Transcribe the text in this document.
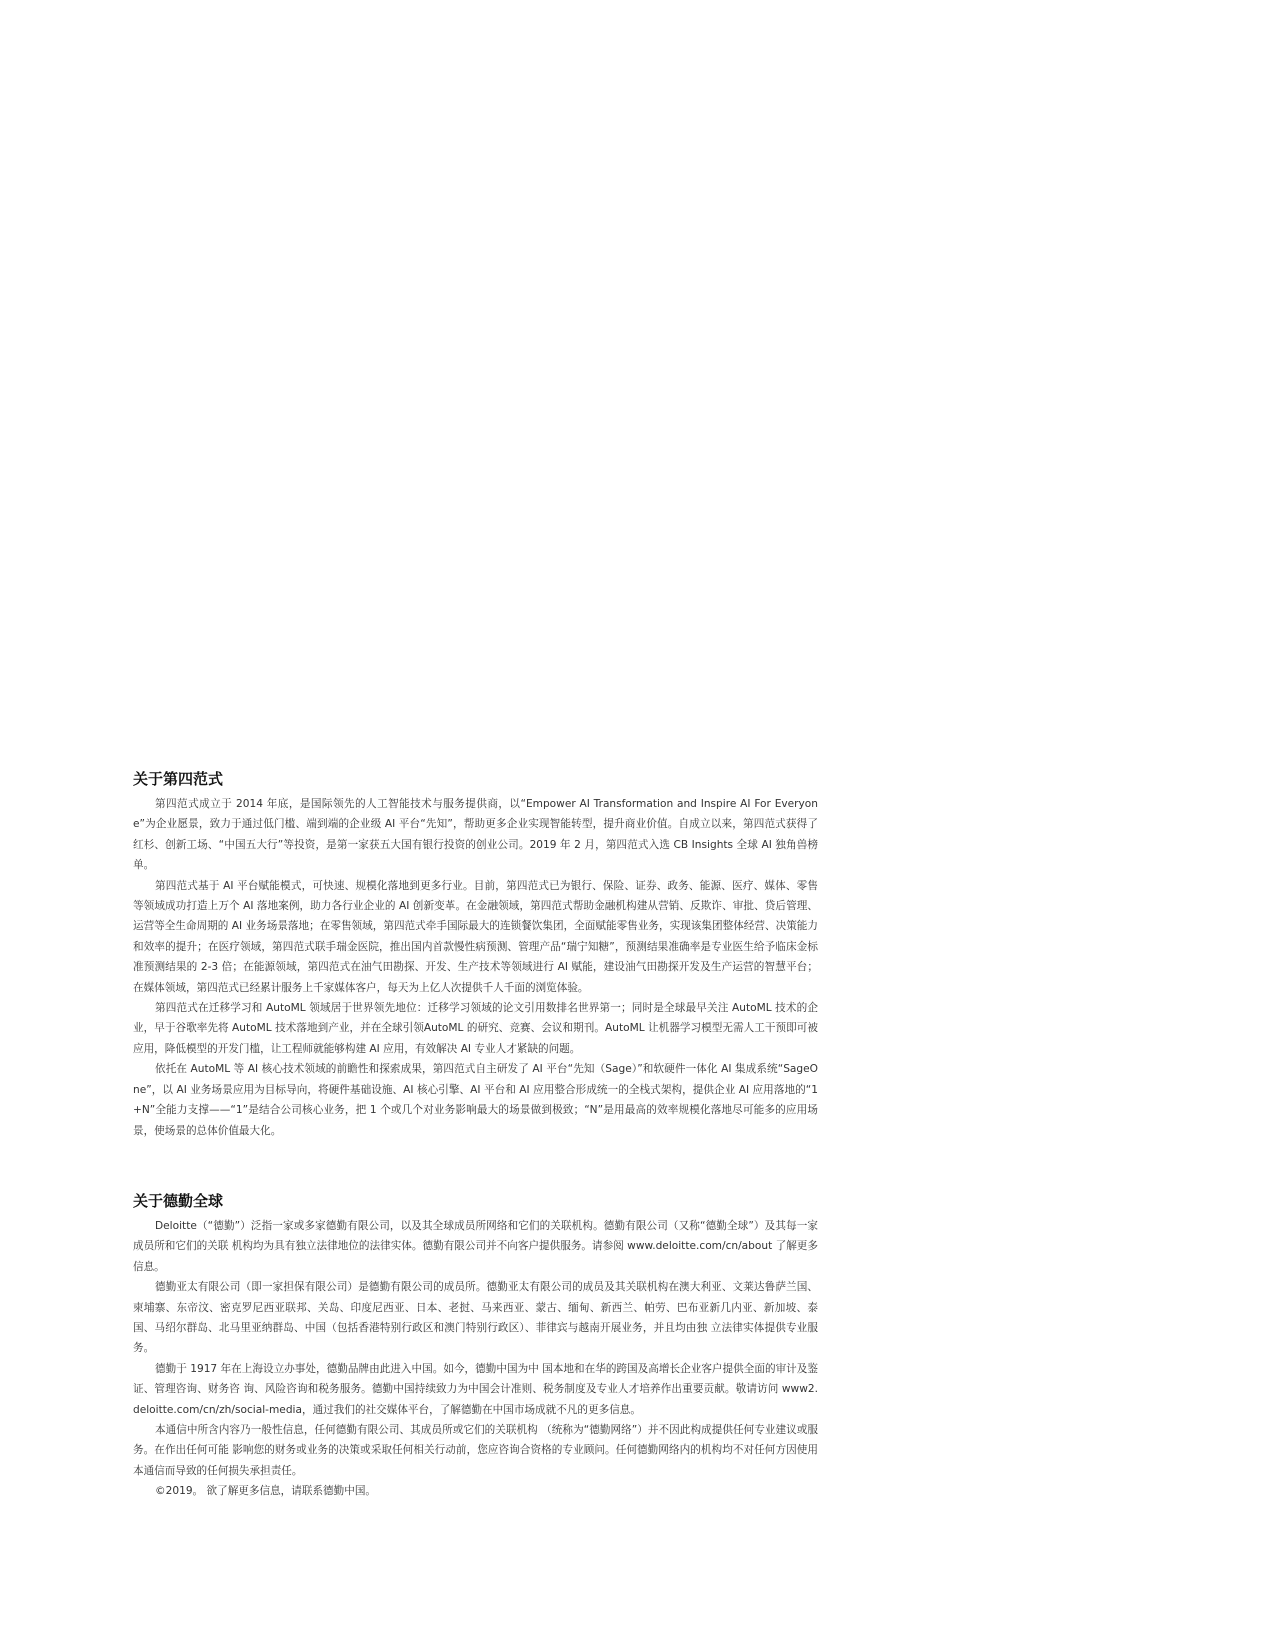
关于第四范式

第四范式成立于 2014 年底，是国际领先的人工智能技术与服务提供商，以“Empower AI Transformation and Inspire AI For Everyone”为企业愿景，致力于通过低门槛、端到端的企业级 AI 平台“先知”，帮助更多企业实现智能转型，提升商业价值。自成立以来，第四范式获得了红杉、创新工场、“中国五大行”等投资，是第一家获五大国有银行投资的创业公司。2019 年 2 月，第四范式入选 CB Insights 全球 AI 独角兽榜单。

第四范式基于 AI 平台赋能模式，可快速、规模化落地到更多行业。目前，第四范式已为银行、保险、证券、政务、能源、医疗、媒体、零售等领域成功打造上万个 AI 落地案例，助力各行业企业的 AI 创新变革。在金融领域，第四范式帮助金融机构建从营销、反欺诈、审批、贷后管理、运营等全生命周期的 AI 业务场景落地；在零售领域，第四范式牵手国际最大的连锁餐饮集团，全面赋能零售业务，实现该集团整体经营、决策能力和效率的提升；在医疗领域，第四范式联手瑞金医院，推出国内首款慢性病预测、管理产品“瑞宁知糖”，预测结果准确率是专业医生给予临床金标准预测结果的 2-3 倍；在能源领域，第四范式在油气田勘探、开发、生产技术等领域进行 AI 赋能，建设油气田勘探开发及生产运营的智慧平台；在媒体领域，第四范式已经累计服务上千家媒体客户，每天为上亿人次提供千人千面的浏览体验。

第四范式在迁移学习和 AutoML 领域居于世界领先地位：迁移学习领域的论文引用数排名世界第一；同时是全球最早关注 AutoML 技术的企业，早于谷歌率先将 AutoML 技术落地到产业，并在全球引领AutoML 的研究、竞赛、会议和期刊。AutoML 让机器学习模型无需人工干预即可被应用，降低模型的开发门槛，让工程师就能够构建 AI 应用，有效解决 AI 专业人才紧缺的问题。

依托在 AutoML 等 AI 核心技术领域的前瞻性和探索成果，第四范式自主研发了 AI 平台“先知（Sage）”和软硬件一体化 AI 集成系统“SageOne”，以 AI 业务场景应用为目标导向，将硬件基础设施、AI 核心引擎、AI 平台和 AI 应用整合形成统一的全栈式架构，提供企业 AI 应用落地的“1+N”全能力支撑——“1”是结合公司核心业务，把 1 个或几个对业务影响最大的场景做到极致；“N”是用最高的效率规模化落地尽可能多的应用场景，使场景的总体价值最大化。

关于德勤全球

Deloitte（“德勤”）泛指一家或多家德勤有限公司，以及其全球成员所网络和它们的关联机构。德勤有限公司（又称“德勤全球”）及其每一家成员所和它们的关联 机构均为具有独立法律地位的法律实体。德勤有限公司并不向客户提供服务。请参阅 www.deloitte.com/cn/about 了解更多信息。

德勤亚太有限公司（即一家担保有限公司）是德勤有限公司的成员所。德勤亚太有限公司的成员及其关联机构在澳大利亚、文莱达鲁萨兰国、柬埔寨、东帝汶、密克罗尼西亚联邦、关岛、印度尼西亚、日本、老挝、马来西亚、蒙古、缅甸、新西兰、帕劳、巴布亚新几内亚、新加坡、泰国、马绍尔群岛、北马里亚纳群岛、中国（包括香港特别行政区和澳门特别行政区）、菲律宾与越南开展业务，并且均由独 立法律实体提供专业服务。

德勤于 1917 年在上海设立办事处，德勤品牌由此进入中国。如今，德勤中国为中 国本地和在华的跨国及高增长企业客户提供全面的审计及鉴证、管理咨询、财务咨 询、风险咨询和税务服务。德勤中国持续致力为中国会计准则、税务制度及专业人才培养作出重要贡献。敬请访问 www2.deloitte.com/cn/zh/social-media，通过我们的社交媒体平台，了解德勤在中国市场成就不凡的更多信息。

本通信中所含内容乃一般性信息，任何德勤有限公司、其成员所或它们的关联机构 （统称为“德勤网络”）并不因此构成提供任何专业建议或服务。在作出任何可能 影响您的财务或业务的决策或采取任何相关行动前，您应咨询合资格的专业顾问。任何德勤网络内的机构均不对任何方因使用本通信而导致的任何损失承担责任。

©2019。 欲了解更多信息，请联系德勤中国。
